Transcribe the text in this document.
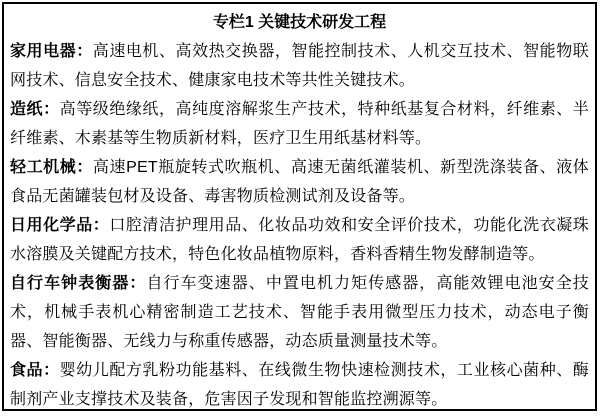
专栏1 关键技术研发工程

家用电器：高速电机、高效热交换器，智能控制技术、人机交互技术、智能物联网技术、信息安全技术、健康家电技术等共性关键技术。

造纸：高等级绝缘纸，高纯度溶解浆生产技术，特种纸基复合材料，纤维素、半纤维素、木素基等生物质新材料，医疗卫生用纸基材料等。

轻工机械：高速PET瓶旋转式吹瓶机、高速无菌纸灌装机、新型洗涤装备、液体食品无菌罐装包材及设备、毒害物质检测试剂及设备等。

日用化学品：口腔清洁护理用品、化妆品功效和安全评价技术，功能化洗衣凝珠水溶膜及关键配方技术，特色化妆品植物原料，香料香精生物发酵制造等。

自行车钟表衡器：自行车变速器、中置电机力矩传感器，高能效锂电池安全技术，机械手表机心精密制造工艺技术、智能手表用微型压力技术，动态电子衡器、智能衡器、无线力与称重传感器，动态质量测量技术等。

食品：婴幼儿配方乳粉功能基料、在线微生物快速检测技术，工业核心菌种、酶制剂产业支撑技术及装备，危害因子发现和智能监控溯源等。
